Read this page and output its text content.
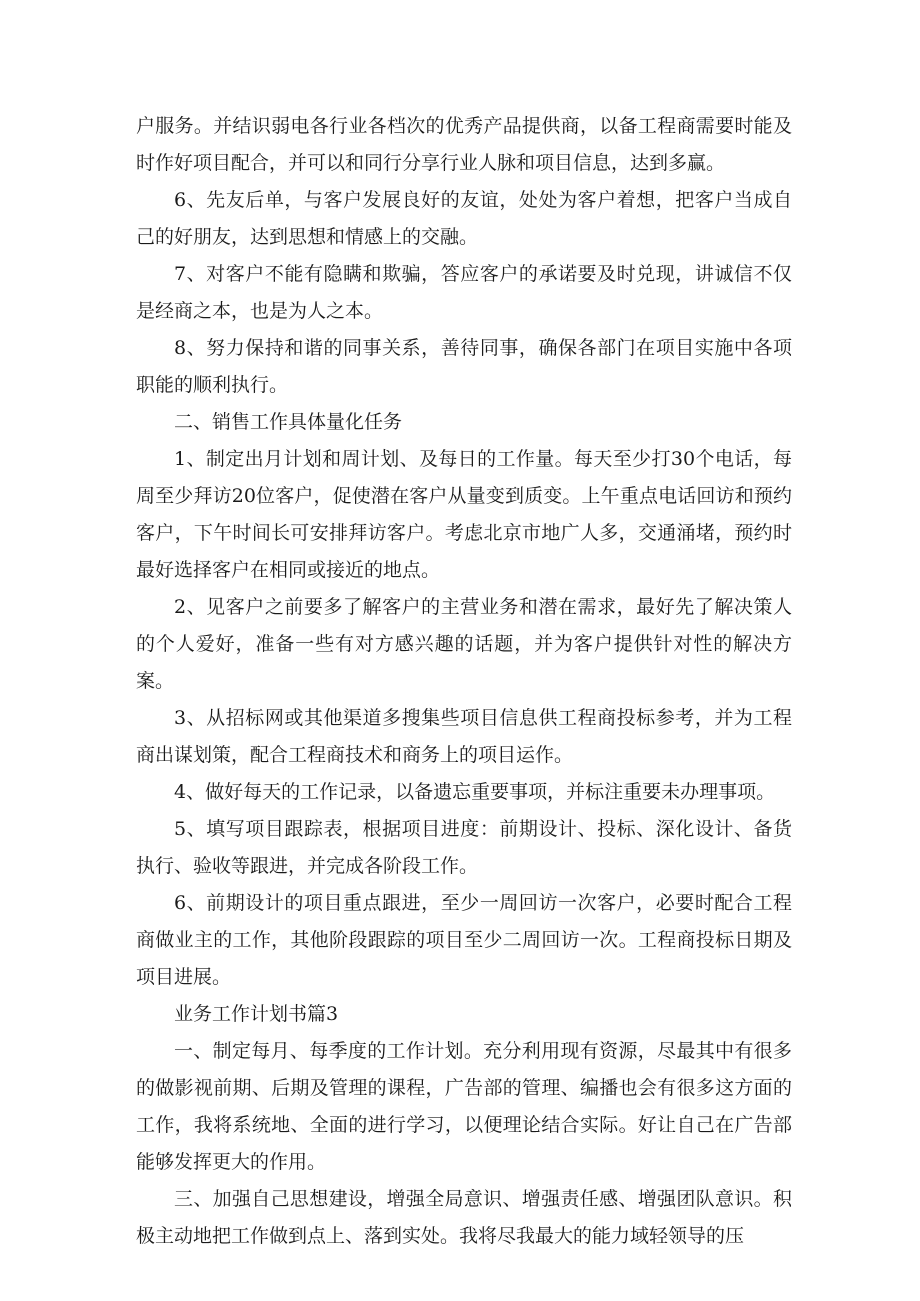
户服务。并结识弱电各行业各档次的优秀产品提供商，以备工程商需要时能及时作好项目配合，并可以和同行分享行业人脉和项目信息，达到多赢。

6、先友后单，与客户发展良好的友谊，处处为客户着想，把客户当成自己的好朋友，达到思想和情感上的交融。

7、对客户不能有隐瞒和欺骗，答应客户的承诺要及时兑现，讲诚信不仅是经商之本，也是为人之本。

8、努力保持和谐的同事关系，善待同事，确保各部门在项目实施中各项职能的顺利执行。

二、销售工作具体量化任务

1、制定出月计划和周计划、及每日的工作量。每天至少打30个电话，每周至少拜访20位客户，促使潜在客户从量变到质变。上午重点电话回访和预约客户，下午时间长可安排拜访客户。考虑北京市地广人多，交通涌堵，预约时最好选择客户在相同或接近的地点。

2、见客户之前要多了解客户的主营业务和潜在需求，最好先了解决策人的个人爱好，准备一些有对方感兴趣的话题，并为客户提供针对性的解决方案。

3、从招标网或其他渠道多搜集些项目信息供工程商投标参考，并为工程商出谋划策，配合工程商技术和商务上的项目运作。

4、做好每天的工作记录，以备遗忘重要事项，并标注重要未办理事项。

5、填写项目跟踪表，根据项目进度：前期设计、投标、深化设计、备货执行、验收等跟进，并完成各阶段工作。

6、前期设计的项目重点跟进，至少一周回访一次客户，必要时配合工程商做业主的工作，其他阶段跟踪的项目至少二周回访一次。工程商投标日期及项目进展。

业务工作计划书篇3

一、制定每月、每季度的工作计划。充分利用现有资源，尽最其中有很多的做影视前期、后期及管理的课程，广告部的管理、编播也会有很多这方面的工作，我将系统地、全面的进行学习，以便理论结合实际。好让自己在广告部能够发挥更大的作用。

三、加强自己思想建设，增强全局意识、增强责任感、增强团队意识。积极主动地把工作做到点上、落到实处。我将尽我最大的能力域轻领导的压
